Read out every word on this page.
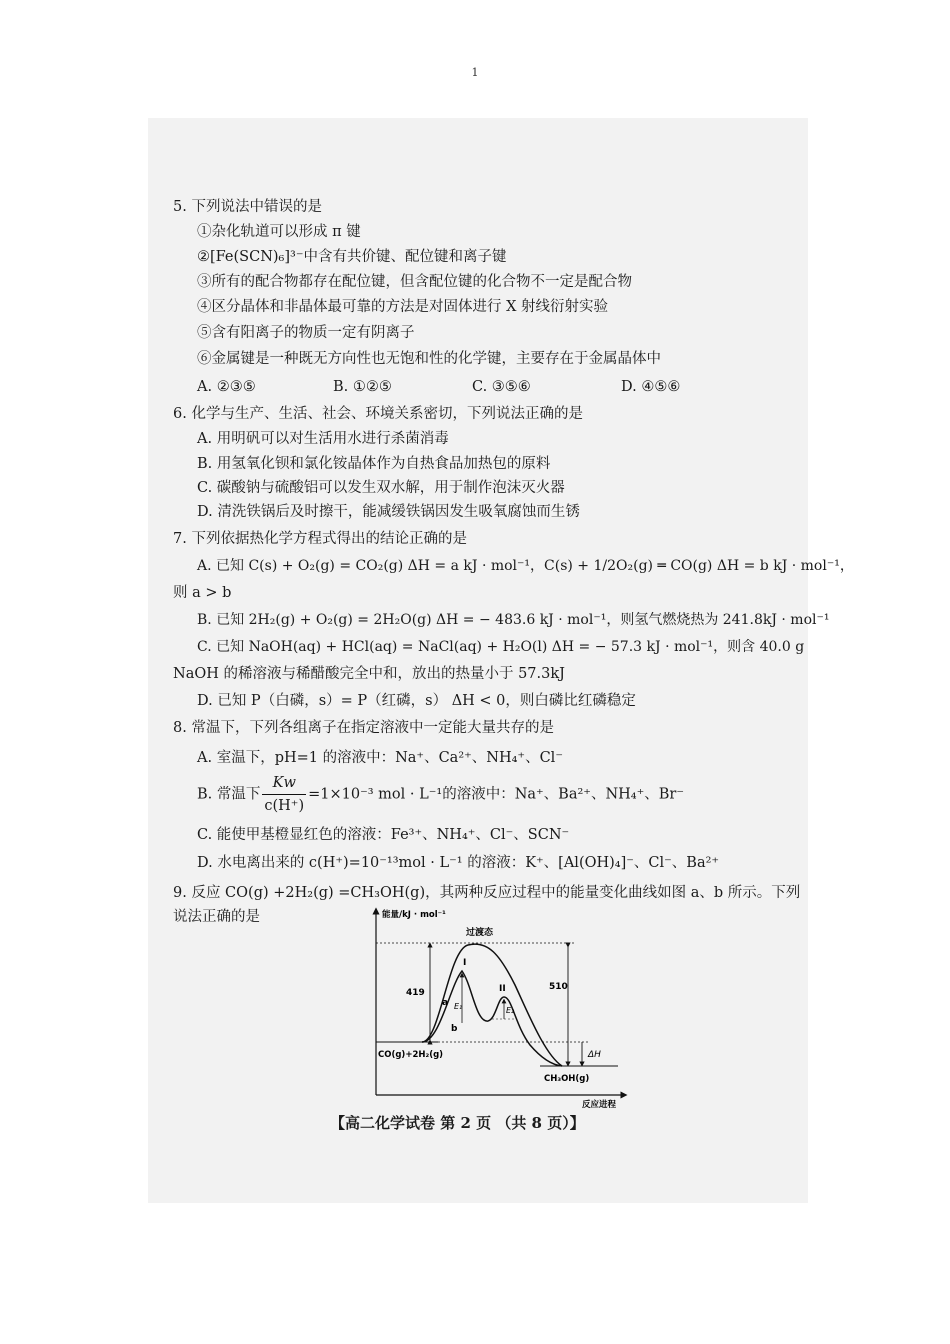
1
5. 下列说法中错误的是
①杂化轨道可以形成 π 键
②[Fe(SCN)₆]³⁻中含有共价键、配位键和离子键
③所有的配合物都存在配位键，但含配位键的化合物不一定是配合物
④区分晶体和非晶体最可靠的方法是对固体进行 X 射线衍射实验
⑤含有阳离子的物质一定有阴离子
⑥金属键是一种既无方向性也无饱和性的化学键，主要存在于金属晶体中
A. ②③⑤	B. ①②⑤	C. ③⑤⑥	D. ④⑤⑥
6. 化学与生产、生活、社会、环境关系密切，下列说法正确的是
A. 用明矾可以对生活用水进行杀菌消毒
B. 用氢氧化钡和氯化铵晶体作为自热食品加热包的原料
C. 碳酸钠与硫酸铝可以发生双水解，用于制作泡沫灭火器
D. 清洗铁锅后及时擦干，能减缓铁锅因发生吸氧腐蚀而生锈
7. 下列依据热化学方程式得出的结论正确的是
A. 已知 C(s) + O₂(g) = CO₂(g) ΔH = a kJ · mol⁻¹，C(s) + 1/2O₂(g) ═ CO(g) ΔH = b kJ · mol⁻¹，
则 a > b
B. 已知 2H₂(g) + O₂(g) = 2H₂O(g) ΔH = − 483.6 kJ · mol⁻¹，则氢气燃烧热为 241.8kJ · mol⁻¹
C. 已知 NaOH(aq) + HCl(aq) = NaCl(aq) + H₂O(l) ΔH = − 57.3 kJ · mol⁻¹，则含 40.0 g
NaOH 的稀溶液与稀醋酸完全中和，放出的热量小于 57.3kJ
D. 已知 P（白磷，s）= P（红磷，s） ΔH < 0，则白磷比红磷稳定
8. 常温下，下列各组离子在指定溶液中一定能大量共存的是
A. 室温下，pH=1 的溶液中：Na⁺、Ca²⁺、NH₄⁺、Cl⁻
B. 常温下 $\frac{Kw}{c(H^+)} =1\times 10^{-3}$ mol · L⁻¹的溶液中：Na⁺、Ba²⁺、NH₄⁺、Br⁻
C. 能使甲基橙显红色的溶液：Fe³⁺、NH₄⁺、Cl⁻、SCN⁻
D. 水电离出来的 c(H⁺)=10⁻¹³mol · L⁻¹ 的溶液：K⁺、[Al(OH)₄]⁻、Cl⁻、Ba²⁺
9. 反应 CO(g) +2H₂(g) =CH₃OH(g)，其两种反应过程中的能量变化曲线如图 a、b 所示。下列
说法正确的是	能量/kJ · mol⁻¹
反应进程
419
510
ΔH
E₁	E₂
过渡态
I
II
a
b
CO(g)+2H₂(g)
CH₃OH(g)
【高二化学试卷 第 2 页 （共 8 页）】
